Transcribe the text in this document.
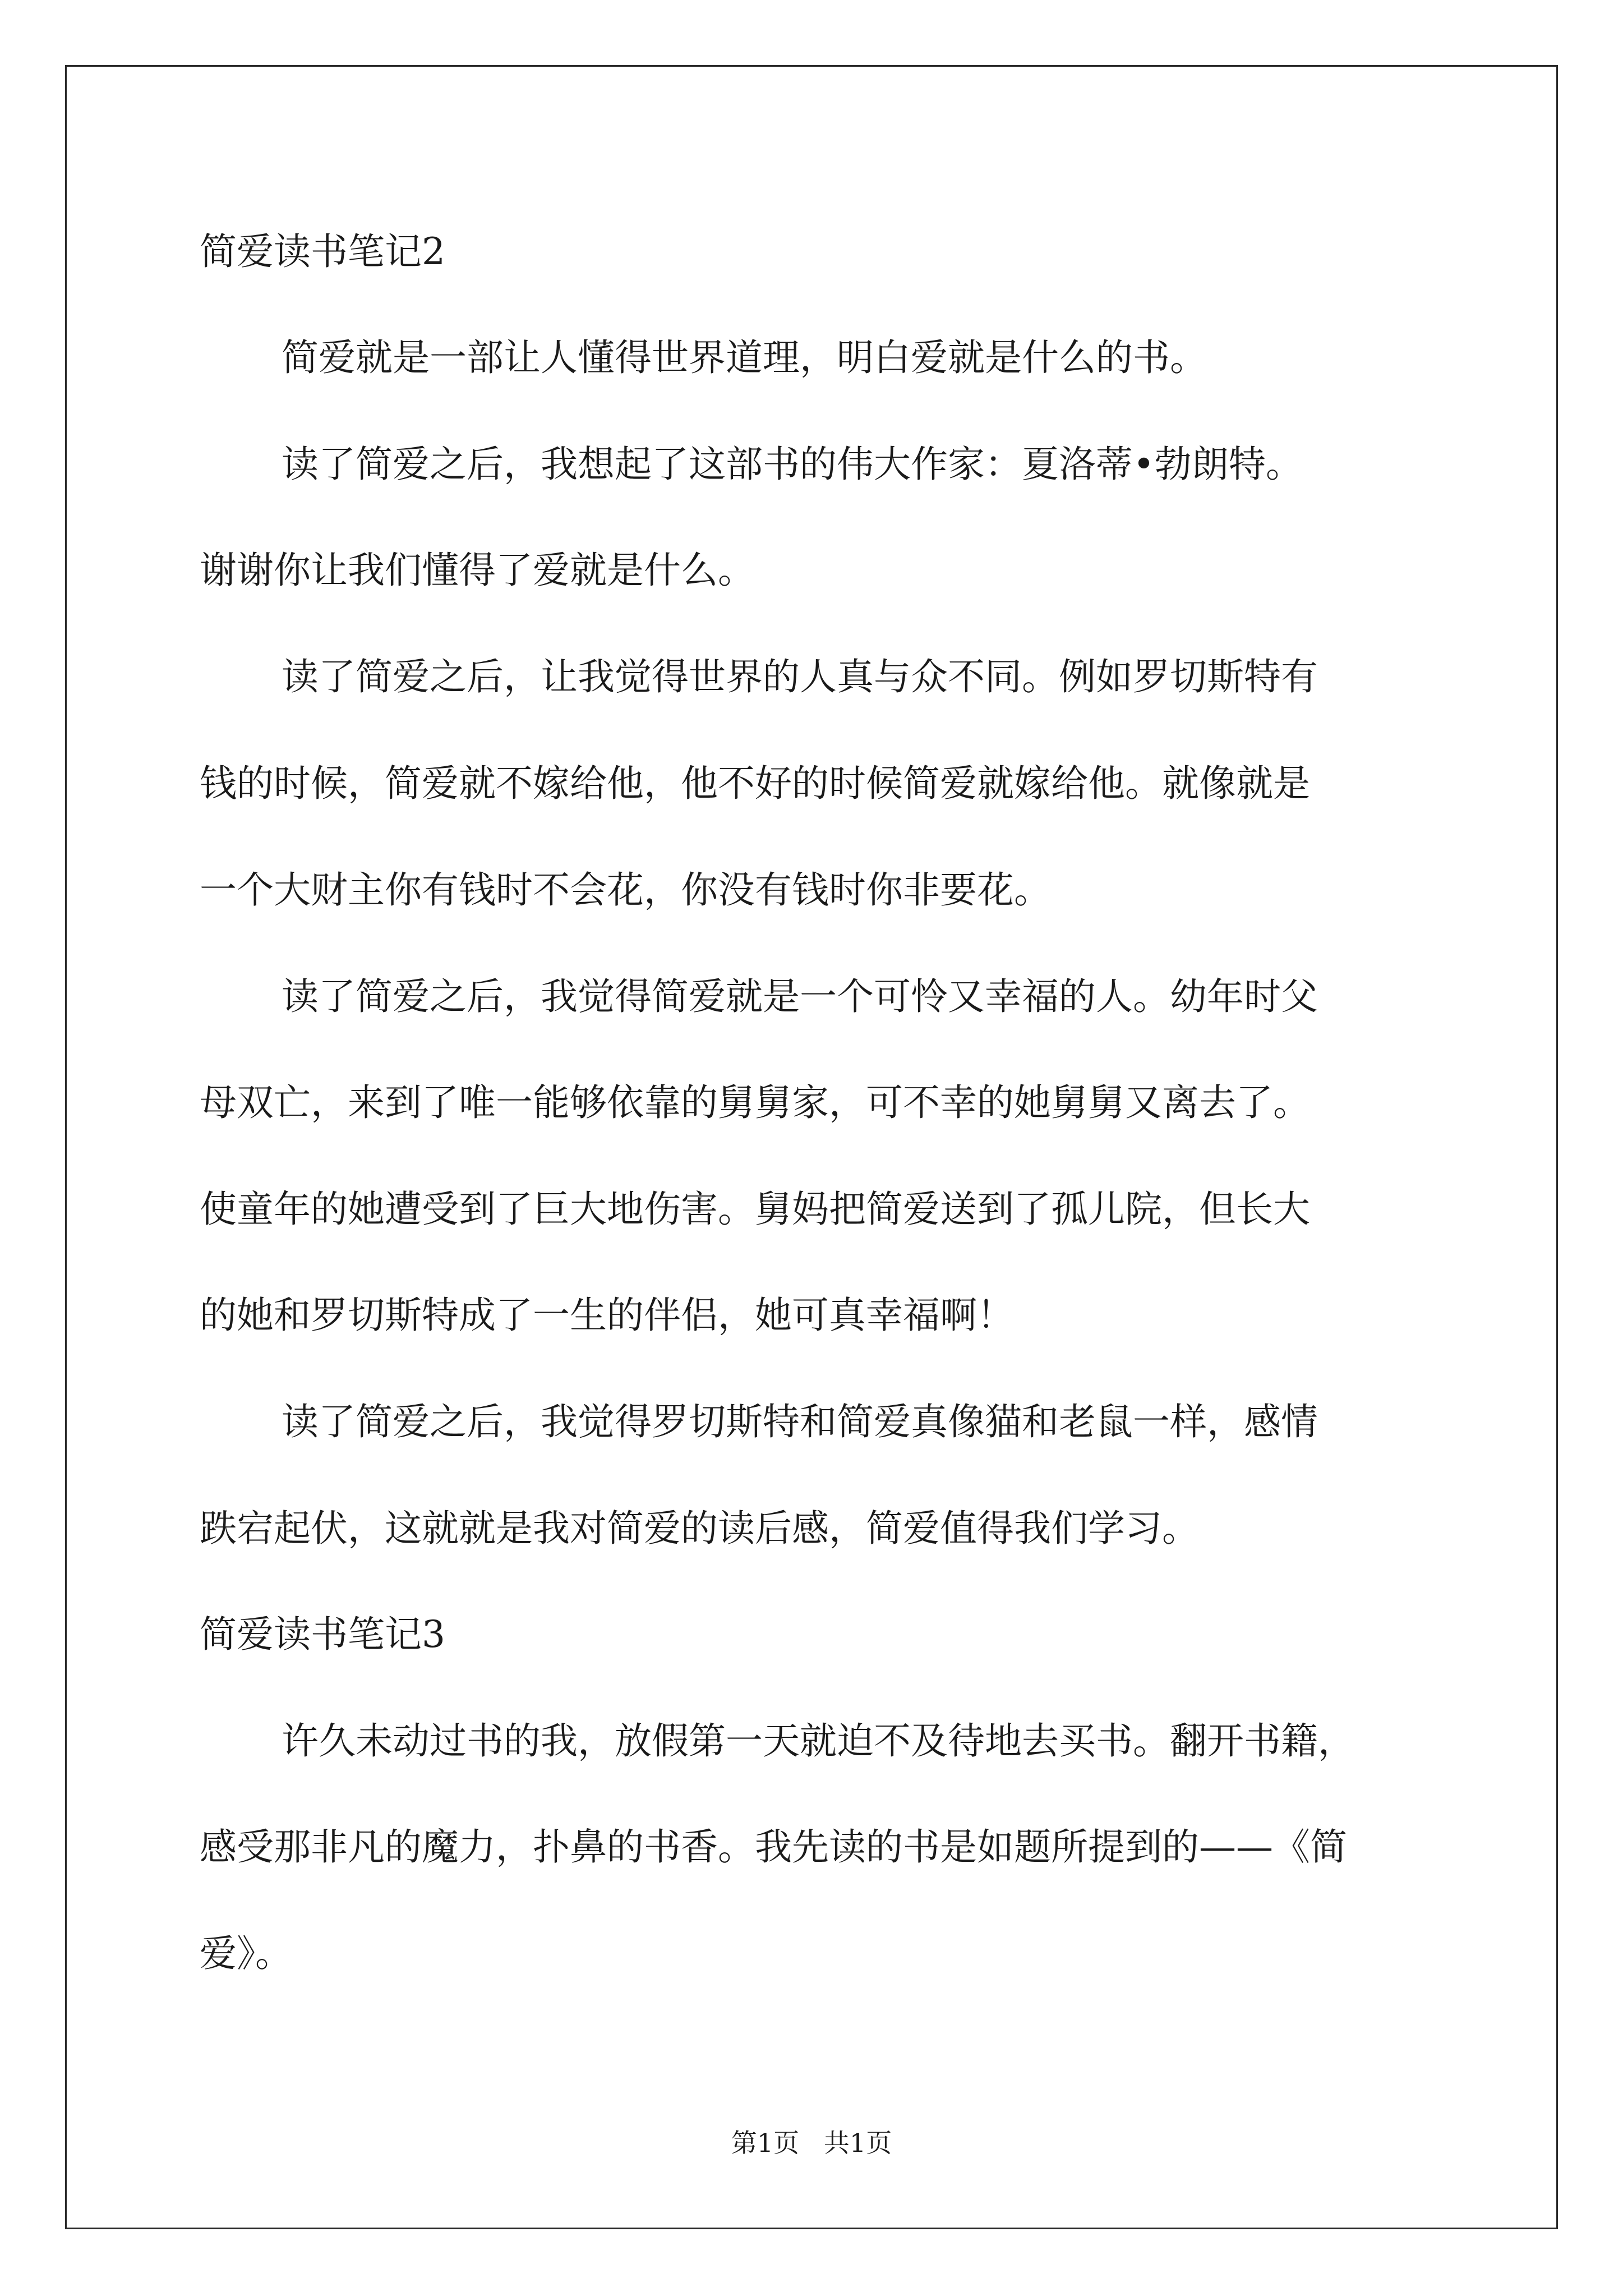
简爱读书笔记2

简爱就是一部让人懂得世界道理，明白爱就是什么的书。

读了简爱之后，我想起了这部书的伟大作家：夏洛蒂•勃朗特。

谢谢你让我们懂得了爱就是什么。

读了简爱之后，让我觉得世界的人真与众不同。例如罗切斯特有

钱的时候，简爱就不嫁给他，他不好的时候简爱就嫁给他。就像就是

一个大财主你有钱时不会花，你没有钱时你非要花。

读了简爱之后，我觉得简爱就是一个可怜又幸福的人。幼年时父

母双亡，来到了唯一能够依靠的舅舅家，可不幸的她舅舅又离去了。

使童年的她遭受到了巨大地伤害。舅妈把简爱送到了孤儿院，但长大

的她和罗切斯特成了一生的伴侣，她可真幸福啊！

读了简爱之后，我觉得罗切斯特和简爱真像猫和老鼠一样，感情

跌宕起伏，这就就是我对简爱的读后感，简爱值得我们学习。

简爱读书笔记3

许久未动过书的我，放假第一天就迫不及待地去买书。翻开书籍，

感受那非凡的魔力，扑鼻的书香。我先读的书是如题所提到的——《简

爱》。

第1页   共1页
